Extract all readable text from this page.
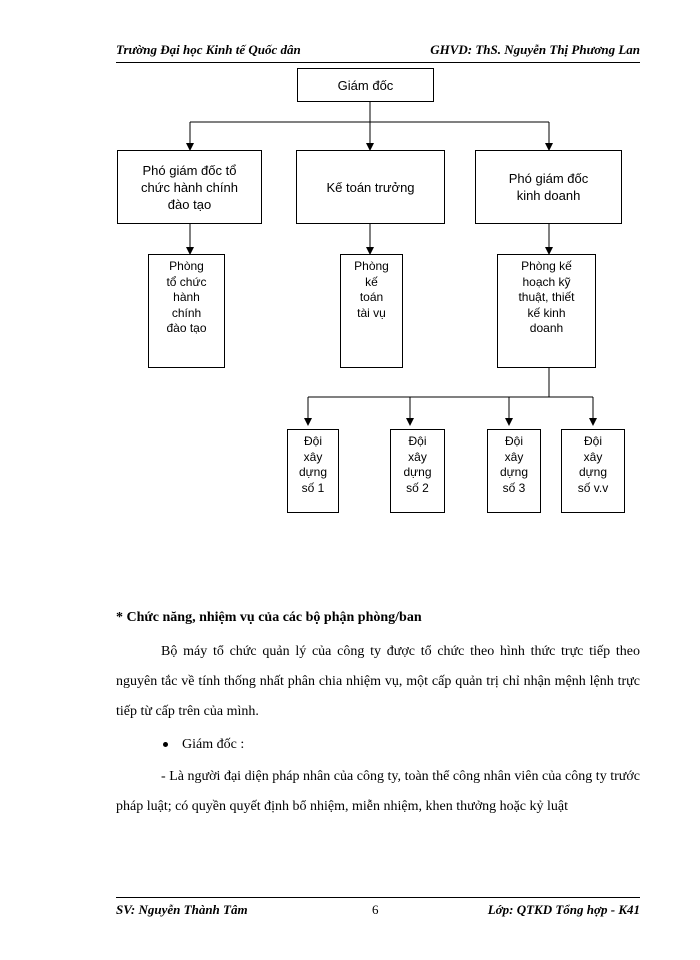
Trường Đại học Kinh tế Quốc dân	GHVD: ThS. Nguyễn Thị Phương Lan
Giám đốc
Phó giám đốc tổ
chức hành chính
đào tạo
Kế toán trưởng
Phó giám đốc
kinh doanh
Phòng
tổ chức
hành
chính
đào tạo
Phòng
kế
toán
tài vụ
Phòng kế
hoạch kỹ
thuật, thiết
kế kinh
doanh
Đội
xây
dựng
số 1
Đội
xây
dựng
số 2
Đội
xây
dựng
số 3
Đội
xây
dựng
số v.v
* Chức năng, nhiệm vụ của các bộ phận phòng/ban

Bộ máy tổ chức quản lý của công ty được tổ chức theo hình thức trực tiếp theo nguyên tắc về tính thống nhất phân chia nhiệm vụ, một cấp quản trị chỉ nhận mệnh lệnh trực tiếp từ cấp trên của mình.

Giám đốc :

- Là người đại diện pháp nhân của công ty, toàn thể công nhân viên của công ty trước pháp luật; có quyền quyết định bổ nhiệm, miễn nhiệm, khen thưởng hoặc kỷ luật

SV: Nguyễn Thành Tâm	6	Lớp: QTKD Tổng hợp - K41
